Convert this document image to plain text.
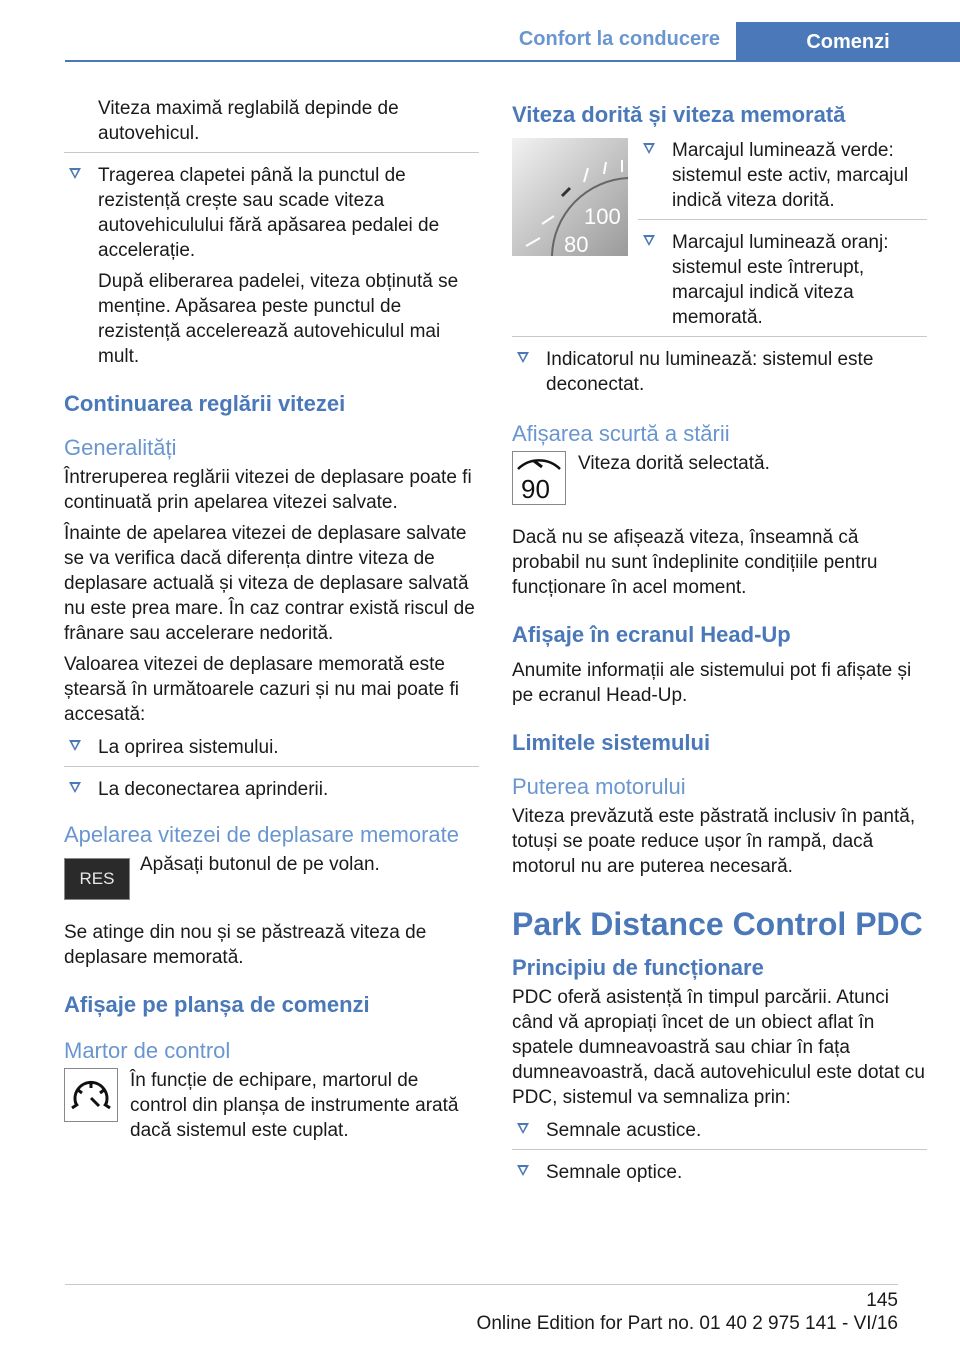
Confort la conducere	Comenzi

Viteza maximă reglabilă depinde de autovehicul.

Tragerea clapetei până la punctul de rezistență crește sau scade viteza autovehiculului fără apăsarea pedalei de accelerație.

După eliberarea padelei, viteza obținută se menține. Apăsarea peste punctul de rezistență accelerează autovehiculul mai mult.

Continuarea reglării vitezei
Generalități

Întreruperea reglării vitezei de deplasare poate fi continuată prin apelarea vitezei salvate.

Înainte de apelarea vitezei de deplasare salvate se va verifica dacă diferența dintre viteza de deplasare actuală și viteza de deplasare salvată nu este prea mare. În caz contrar există riscul de frânare sau accelerare nedorită.

Valoarea vitezei de deplasare memorată este ștearsă în următoarele cazuri și nu mai poate fi accesată:

La oprirea sistemului.
La deconectarea aprinderii.
Apelarea vitezei de deplasare memorate
RES
Apăsați butonul de pe volan.

Se atinge din nou și se păstrează viteza de deplasare memorată.

Afișaje pe planșa de comenzi
Martor de control
În funcție de echipare, martorul de control din planșa de instrumente arată dacă sistemul este cuplat.
Viteza dorită și viteza memorată
100
80
Marcajul luminează verde: sistemul este activ, marcajul indică viteza dorită.
Marcajul luminează oranj: sistemul este întrerupt, marcajul indică viteza memorată.
Indicatorul nu luminează: sistemul este deconectat.
Afișarea scurtă a stării
90
Viteza dorită selectată.

Dacă nu se afișează viteza, înseamnă că probabil nu sunt îndeplinite condițiile pentru funcționare în acel moment.

Afișaje în ecranul Head-Up

Anumite informații ale sistemului pot fi afișate și pe ecranul Head-Up.

Limitele sistemului
Puterea motorului

Viteza prevăzută este păstrată inclusiv în pantă, totuși se poate reduce ușor în rampă, dacă motorul nu are puterea necesară.

Park Distance Control PDC
Principiu de funcționare

PDC oferă asistență în timpul parcării. Atunci când vă apropiați încet de un obiect aflat în spatele dumneavoastră sau chiar în fața dumneavoastră, dacă autovehiculul este dotat cu PDC, sistemul va semnaliza prin:

Semnale acustice.
Semnale optice.
145
Online Edition for Part no. 01 40 2 975 141 - VI/16
